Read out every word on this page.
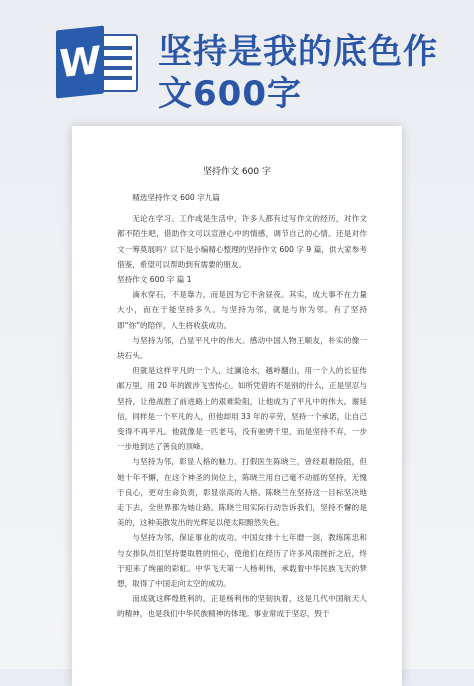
W 坚持是我的底色作
文600字
坚持作文 600 字

精选坚持作文 600 字九篇

无论在学习、工作或是生活中，许多人都有过写作文的经历，对作文都不陌生吧，借助作文可以宣泄心中的情感，调节自己的心情。还是对作文一筹莫展吗？以下是小编精心整理的坚持作文 600 字 9 篇，供大家参考借鉴，希望可以帮助到有需要的朋友。

坚持作文 600 字 篇 1

滴水穿石，不是靠力，而是因为它不舍昼夜。其实，成大事不在力量大小，而在于能坚持多久。与坚持为邻，就是与你为邻。有了坚持即“你”的陪伴，人生将收获成功。

与坚持为邻，凸显平凡中的伟大。感动中国人物王顺友，朴实的像一块石头。

但就是这样平凡的一个人，过澜沧水，越岭翻山，用一个人的长征传邮万里，用 20 年的跋涉飞雪传心。如所凭借的不是别的什么，正是坚忍与坚持，让他战胜了前进路上的艰难险阻，让他成为了平凡中的伟大。谢延信，同样是一个平凡的人，但他却用 33 年的辛劳，坚持一个承诺，让自己变得不再平凡。他就像是一匹老马，没有驰骋千里，而是坚持不弃，一步一步地到达了善良的顶峰。

与坚持为邻，彰显人格的魅力。打假医生陈晓兰，曾经艰难险阻，但她十年不懈，在这个神圣的岗位上，陈晓兰用自己毫不动摇的坚持，无愧于良心，更对生命负责，彰显崇高的人格。陈晓兰在坚持这一目标坚决地走下去，全世界都为她让路。陈晓兰用实际行动告诉我们，坚持不懈的是美的，这种美散发出的光辉足以使太阳黯然失色。

与坚持为邻，保证事业的成功。中国女排十七年磨一剑，教练陈忠和与女排队员们坚持要取胜的恒心，使他们在经历了许多风雨挫折之后，终于迎来了绚丽的彩虹。中华飞天第一人杨利伟，承载着中华民族飞天的梦想，取得了中国走向太空的成功。

而成就这辉煌胜利的，正是杨利伟的坚韧执着，这是几代中国航天人的精神，也是我们中华民族精神的体现。事业常成于坚忍，毁于
